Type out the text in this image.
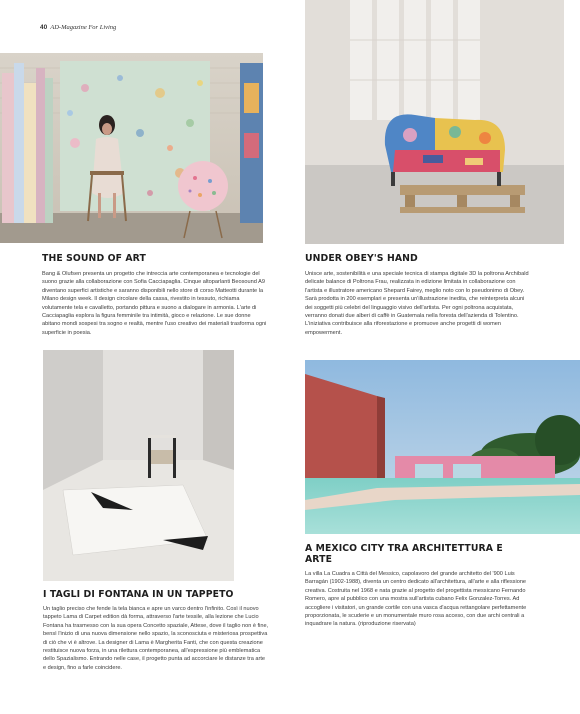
40 AD-Magazine For Living
THE SOUND OF ART

Bang & Olufsen presenta un progetto che intreccia arte contemporanea e tecnologie del suono grazie alla collaborazione con Sofia Cacciapaglia. Cinque altoparlanti Beosound A9 diventano superfici artistiche e saranno disponibili nello store di corso Matteotti durante la Milano design week. Il design circolare della cassa, rivestito in tessuto, richiama volutamente tela e cavalletto, portando pittura e suono a dialogare in armonia. L'arte di Cacciapaglia esplora la figura femminile tra intimità, gioco e relazione. Le sue donne abitano mondi sospesi tra sogno e realtà, mentre l'uso creativo dei materiali trasforma ogni superficie in poesia.

UNDER OBEY'S HAND

Unisce arte, sostenibilità e una speciale tecnica di stampa digitale 3D la poltrona Archibald delicate balance di Poltrona Frau, realizzata in edizione limitata in collaborazione con l'artista e illustratore americano Shepard Fairey, meglio noto con lo pseudonimo di Obey. Sarà prodotta in 200 esemplari e presenta un'illustrazione inedita, che reinterpreta alcuni dei soggetti più celebri del linguaggio visivo dell'artista. Per ogni poltrona acquistata, verranno donati due alberi di caffè in Guatemala nella foresta dell'azienda di Tolentino. L'iniziativa contribuisce alla riforestazione e promuove anche progetti di women empowerment.

I TAGLI DI FONTANA IN UN TAPPETO

Un taglio preciso che fende la tela bianca e apre un varco dentro l'infinito. Così il nuovo tappeto Lama di Carpet edition dà forma, attraverso l'arte tessile, alla lezione che Lucio Fontana ha trasmesso con la sua opera Concetto spaziale, Attese, dove il taglio non è fine, bensì l'inizio di una nuova dimensione nello spazio, la sconosciuta e misteriosa prospettiva di ciò che vi è altrove. La designer di Lama è Margherita Fanti, che con questa creazione restituisce nuova forza, in una rilettura contemporanea, all'espressione più emblematica dello Spazialismo. Entrando nelle case, il progetto punta ad accorciare le distanze tra arte e design, fino a farle coincidere.

A MEXICO CITY TRA ARCHITETTURA E ARTE

La villa La Cuadra a Città del Messico, capolavoro del grande architetto del '900 Luis Barragán (1902-1988), diventa un centro dedicato all'architettura, all'arte e alla riflessione creativa. Costruita nel 1968 e nata grazie al progetto del progettista messicano Fernando Romero, apre al pubblico con una mostra sull'artista cubano Felix Gonzalez-Torres. Ad accogliere i visitatori, un grande cortile con una vasca d'acqua rettangolare perfettamente proporzionata, le scuderie e un monumentale muro rosa acceso, con due archi centrali a inquadrare la natura. (riproduzione riservata)
